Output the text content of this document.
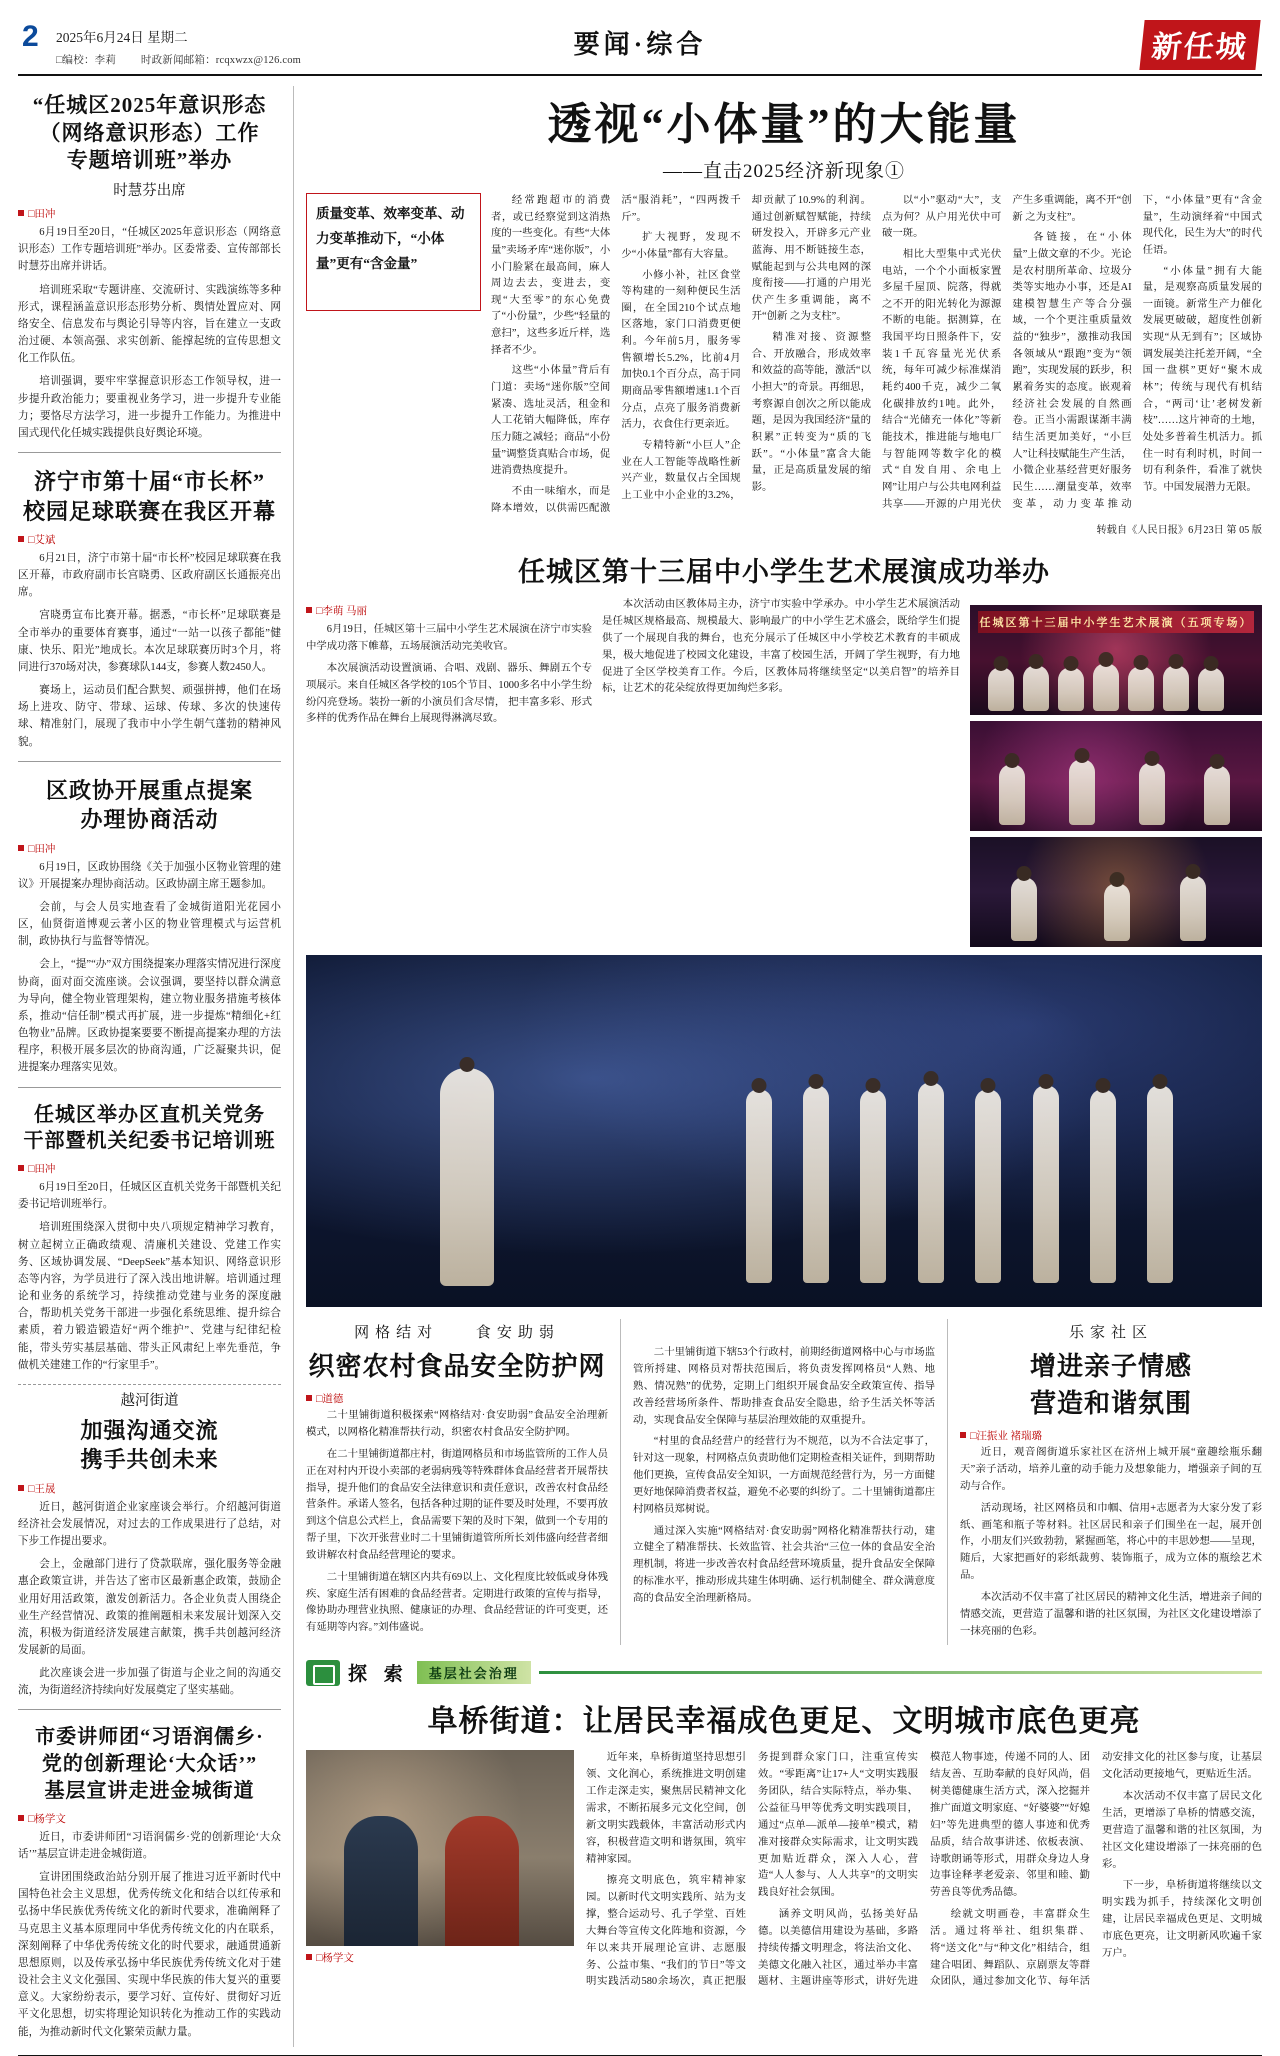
2 2025年6月24日 星期二
□编校：李莉 时政新闻邮箱：rcqxwzx@126.com
要闻·综合	新任城
“任城区2025年意识形态
（网络意识形态）工作
专题培训班”举办
时慧芬出席
□田冲

6月19日至20日，“任城区2025年意识形态（网络意识形态）工作专题培训班”举办。区委常委、宣传部部长时慧芬出席并讲话。

培训班采取“专题讲座、交流研讨、实践演练等多种形式，课程涵盖意识形态形势分析、舆情处置应对、网络安全、信息发布与舆论引导等内容，旨在建立一支政治过硬、本领高强、求实创新、能撑起统的宣传思想文化工作队伍。

培训强调，要牢牢掌握意识形态工作领导权，进一步提升政治能力；要重视业务学习，进一步提升专业能力；要恪尽方法学习，进一步提升工作能力。为推进中国式现代化任城实践提供良好舆论环境。

济宁市第十届“市长杯”
校园足球联赛在我区开幕
□艾斌

6月21日，济宁市第十届“市长杯”校园足球联赛在我区开幕，市政府副市长宫晓勇、区政府副区长通振亮出席。

宫晓勇宣布比赛开幕。据悉，“市长杯”足球联赛是全市举办的重要体育赛事，通过“一站一以孩子都能”健康、快乐、阳光”地成长。本次足球联赛历时3个月，将同进行370场对决，参赛球队144支，参赛人数2450人。

赛场上，运动员们配合默契、顽强拼搏，他们在场场上进攻、防守、带球、运球、传球、多次的快速传球、精准射门，展现了我市中小学生朝气蓬勃的精神风貌。

区政协开展重点提案
办理协商活动
□田冲

6月19日，区政协围绕《关于加强小区物业管理的建议》开展提案办理协商活动。区政协副主席王题参加。

会前，与会人员实地查看了金城街道阳光花园小区，仙贤街道博观云著小区的物业管理模式与运营机制，政协执行与监督等情况。

会上，“提”“办”双方围绕提案办理落实情况进行深度协商，面对面交流座谈。会议强调，要坚持以群众满意为导向，健全物业管理架构，建立物业服务措施考核体系，推动“信任制”模式再扩展，进一步提炼“精细化+红色物业”品牌。区政协提案要要不断提高提案办理的方法程序，积极开展多层次的协商沟通，广泛凝聚共识，促进提案办理落实见效。

任城区举办区直机关党务
干部暨机关纪委书记培训班
□田冲

6月19日至20日，任城区区直机关党务干部暨机关纪委书记培训班举行。

培训班围绕深入贯彻中央八项规定精神学习教育，树立起树立正确政绩观、清廉机关建设、党建工作实务、区域协调发展、“DeepSeek”基本知识、网络意识形态等内容，为学员进行了深入浅出地讲解。培训通过理论和业务的系统学习，持续推动党建与业务的深度融合，帮助机关党务干部进一步强化系统思维、提升综合素质，着力锻造锻造好“两个维护”、党建与纪律纪检能，带头劳实基层基础、带头正风肃纪上率先垂范，争做机关建建工作的“行家里手”。

越河街道
加强沟通交流
携手共创未来
□王晟

近日，越河街道企业家座谈会举行。介绍越河街道经济社会发展情况，对过去的工作成果进行了总结，对下步工作提出要求。

会上，金融部门进行了贷款联席，强化服务等金融惠企政策宣讲，并告达了密市区最新惠企政策，鼓励企业用好用活政策，激发创新活力。各企业负责人围绕企业生产经营情况、政策的推阐题相未来发展计划深入交流，积极为街道经济发展建言献策，携手共创越河经济发展新的局面。

此次座谈会进一步加强了街道与企业之间的沟通交流，为街道经济持续向好发展奠定了坚实基础。

市委讲师团“习语润儒乡·
党的创新理论‘大众话’”
基层宣讲走进金城街道
□杨学文

近日，市委讲师团“习语润儒乡·党的创新理论‘大众话’”基层宣讲走进金城街道。

宣讲团围绕政治站分别开展了推进习近平新时代中国特色社会主义思想，优秀传统文化和结合以红传承和弘扬中华民族优秀传统文化的新时代要求，准确阐释了马克思主义基本原理同中华优秀传统文化的内在联系，深刻阐释了中华优秀传统文化的时代要求，融通贯通新思想原则，以及传承弘扬中华民族优秀传统文化对于建设社会主义文化强国、实现中华民族的伟大复兴的重要意义。大家纷纷表示，要学习好、宣传好、贯彻好习近平文化思想，切实将理论知识转化为推动工作的实践动能，为推动新时代文化繁荣贡献力量。

透视“小体量”的大能量
——直击2025经济新现象①
质量变革、效率变革、动力变革推动下，“小体量”更有“含金量”

经常跑超市的消费者，或已经察觉到这消热度的一些变化。有些“大体量”卖场矛库“迷你版”，小小门脸紧在最高间，麻人周边去去，变进去，变现“大至零”的东心免费了“小份量”，少些“轻量的意扫”，这些多近斤样，选择者不少。

这些“小体量”背后有门道：卖场“迷你版”空间紧凑、选址灵活，租金和人工花销大幅降低，库存压力随之减轻；商品“小份量”调整货真贴合市场，促进消费热度提升。

不由一味缩水，而是降本增效，以供需匹配激活“服消耗”，“四两拨千斤”。

扩大视野，发现不少“小体量”都有大容量。

小修小补，社区食堂等构建的一刻种便民生活圈，在全国210个试点地区落地，家门口消费更便利。今年前5月，服务零售额增长5.2%，比前4月加快0.1个百分点，高于同期商品零售额增速1.1个百分点，点亮了服务消费新活力，衣食住行更亲近。

专精特新“小巨人”企业在人工智能等战略性新兴产业，数量仅占全国规上工业中小企业的3.2%，却贡献了10.9%的利润。通过创新赋智赋能，持续研发投入，开辟多元产业蓝海、用不断链接生态，赋能起到与公共电网的深度衔接——打通的户用光伏产生多重调能，离不开“创新 之为支柱”。

精准对接、资源整合、开放融合，形成效率和效益的高等能，激活“以小担大”的奇景。再细思，考察源自创次之所以能成题，是因为我国经济“量的积累”正转变为“质的飞跃”。“小体量”富含大能量，正是高质量发展的缩影。

以“小”驱动“大”，支点为何？从户用光伏中可破一斑。

相比大型集中式光伏电站，一个个小面板家置多屋千屋顶、院落，得就之不开的阳光转化为源源不断的电能。据测算，在我国平均日照条件下，安装1千瓦容量光光伏系统，每年可减少标准煤消耗约400千克，减少二氧化碳排放约1吨。此外，结合“光储充一体化”等新能技术，推进能与地电厂与智能网等数字化的模式“自发自用、余电上网”让用户与公共电网利益共享——开源的户用光伏产生多重调能，离不开“创新 之为支柱”。

各链接，在“小体量”上做文章的不少。光论是农村朋所革命、垃圾分类等实地办小事，还是AI建模智慧生产等合分强域，一个个更注重质量效益的“独步”，激推动我国各领域从“跟跑”变为“领跑”，实现发展的跃步，积累着务实的态度。嵌观着经济社会发展的自然画卷。正当小需跟谋渐丰满结生活更加美好，“小巨人”让科技赋能生产生活，小微企业基经营更好服务民生……潮量变革，效率变革，动力变革推动下，“小体量”更有“含金量”，生动演绎着“中国式现代化，民生为大”的时代任语。

“小体量”拥有大能量，是观察高质量发展的一面镜。新常生产力催化发展更破破，超度性创新实现“从无到有”；区域协调发展美注托差开阔，“全国一盘棋”更好“聚木成林”；传统与现代有机结合，“两司‘让’老树发新枝”……这片神奇的土地，处处多普着生机活力。抓住一时有利时机，时间一切有利条件，看准了就快节。中国发展潜力无限。

转载自《人民日报》6月23日 第 05 版
任城区第十三届中小学生艺术展演成功举办
□李萌 马丽

6月19日，任城区第十三届中小学生艺术展演在济宁市实验中学成功落下帷幕，五场展演活动完美收官。

本次展演活动设置演诵、合唱、戏剧、器乐、舞剧五个专项展示。来自任城区各学校的105个节目、1000多名中小学生纷纷闪亮登场。装扮一新的小演员们含尽情， 把丰富多彩、形式多样的优秀作品在舞台上展现得淋漓尽致。

本次活动由区教体局主办，济宁市实验中学承办。中小学生艺术展演活动是任城区规格最高、规模最大、影响最广的中小学生艺术盛会，既给学生们提供了一个展现自我的舞台，也充分展示了任城区中小学校艺术教育的丰硕成果，极大地促进了校园文化建设，丰富了校园生活，开阔了学生视野，有力地促进了全区学校美育工作。今后，区教体局将继续坚定“以美启智”的培养目标，让艺术的花朵绽放得更加绚烂多彩。

任城区第十三届中小学生艺术展演（五项专场）
网格结对	食安助弱
织密农村食品安全防护网
□道德

二十里铺街道积极探索“网格结对·食安助弱”食品安全治理新模式，以网格化精准帮扶行动，织密农村食品安全防护网。

在二十里铺街道都庄村，街道网格员和市场监管所的工作人员正在对村内开设小卖部的老弱病残等特殊群体食品经营者开展帮扶指导，提升他们的食品安全法律意识和责任意识，改善农村食品经营条件。承诺人签名，包括各种过期的证件要及时处理，不要再放到这个信息公式栏上，食品需要下架的及时下架，做到一个专用的帮子里，下次开张营业时二十里铺街道管所所长刘伟盛向经营者细致讲解农村食品经营理论的要求。

二十里铺街道在辖区内共有69以上、文化程度比较低或身体残疾、家庭生活有困难的食品经营者。定期进行政策的宣传与指导，像协助办理营业执照、健康证的办理、食品经营证的许可变更，还有延期等内容。”刘伟盛说。

二十里铺街道下辖53个行政村，前期经街道网格中心与市场监管所捋建、网格员对帮扶范围后，将负责发挥网格员“人熟、地熟、情况熟”的优势，定期上门组织开展食品安全政策宣传、指导改善经营场所条件、帮助排查食品安全隐患，给予生活关怀等活动，实现食品安全保障与基层治理效能的双重提升。

“村里的食品经营户的经营行为不规范，以为不合法定事了，针对这一现象，村网格点负责助他们定期检查相关证件，到期帮助他们更换，宣传食品安全知识，一方面规范经营行为，另一方面健更好地保障消费者权益，避免不必要的纠纷了。二十里铺街道都庄村网格员郑树说。

通过深入实施“网格结对·食安助弱”网格化精准帮扶行动，建立健全了精准帮扶、长效监管、社会共治“三位一体的食品安全治理机制，将进一步改善农村食品经营环境质量，提升食品安全保障的标准水平，推动形成共建生体明确、运行机制健全、群众满意度高的食品安全治理新格局。

乐家社区
增进亲子情感
营造和谐氛围
□汪振业 褚瑞璐

近日，观音阁街道乐家社区在济州上城开展“童趣绘瓶乐翻天”亲子活动，培养儿童的动手能力及想象能力，增强亲子间的互动与合作。

活动现场，社区网格员和巾帼、信用+志愿者为大家分发了彩纸、画笔和瓶子等材料。社区居民和亲子们围坐在一起，展开创作，小朋友们兴致勃勃，紧握画笔，将心中的丰思妙想——呈现，随后，大家把画好的彩纸裁剪、装饰瓶子，成为立体的瓶绘艺术品。

本次活动不仅丰富了社区居民的精神文化生活，增进亲子间的情感交流，更营造了温馨和谐的社区氛围，为社区文化建设增添了一抹亮丽的色彩。

探 索	基层社会治理
阜桥街道：让居民幸福成色更足、文明城市底色更亮
□杨学文

近年来，阜桥街道坚持思想引领、文化润心，系统推进文明创建工作走深走实，聚焦居民精神文化需求，不断拓展多元文化空间，创新文明实践载体，丰富活动形式内容，积极营造文明和谐氛围，筑牢精神家园。

擦亮文明底色，筑牢精神家园。以新时代文明实践所、站为支撑，整合运动号、孔子学堂、百姓大舞台等宣传文化阵地和资源，今年以来共开展理论宣讲、志愿服务、公益市集、“我们的节日”等文明实践活动580余场次，真正把服务提到群众家门口，注重宣传实效。“零距离”让17+人“文明实践服务团队，结合实际特点，举办集、公益征马甲等优秀文明实践项目，通过“点单—派单—接单”模式，精准对接群众实际需求，让文明实践更加贴近群众，深入人心，营造“人人参与、人人共享”的文明实践良好社会氛围。

涵养文明风尚，弘扬美好品德。以美德信用建设为基础，多路持续传播文明理念，将法治文化、美德文化融入社区，通过举办丰富题材、主题讲座等形式，讲好先进模范人物事迹，传递不同的人、团结友善、互助奉献的良好风尚，倡树美德健康生活方式，深入挖掘并推广面道文明家庭、“好婆婆”“好媳妇”等先进典型的德人事迹和优秀品质，结合故事讲述、依板表演、诗歌朗诵等形式，用群众身边人身边事诠释孝老爱亲、邻里和睦、勤劳善良等优秀品德。

绘就文明画卷，丰富群众生活。通过将举社、组织集群、将“送文化”与“种文化”相结合，组建合唱团、舞蹈队、京剧票友等群众团队，通过参加文化节、每年活动安排文化的社区参与度，让基层文化活动更接地气，更贴近生活。

本次活动不仅丰富了居民文化生活，更增添了阜桥的情感交流，更营造了温馨和谐的社区氛围，为社区文化建设增添了一抹亮丽的色彩。

下一步，阜桥街道将继续以文明实践为抓手，持续深化文明创建，让居民幸福成色更足、文明城市底色更亮，让文明新风吹遍千家万户。
